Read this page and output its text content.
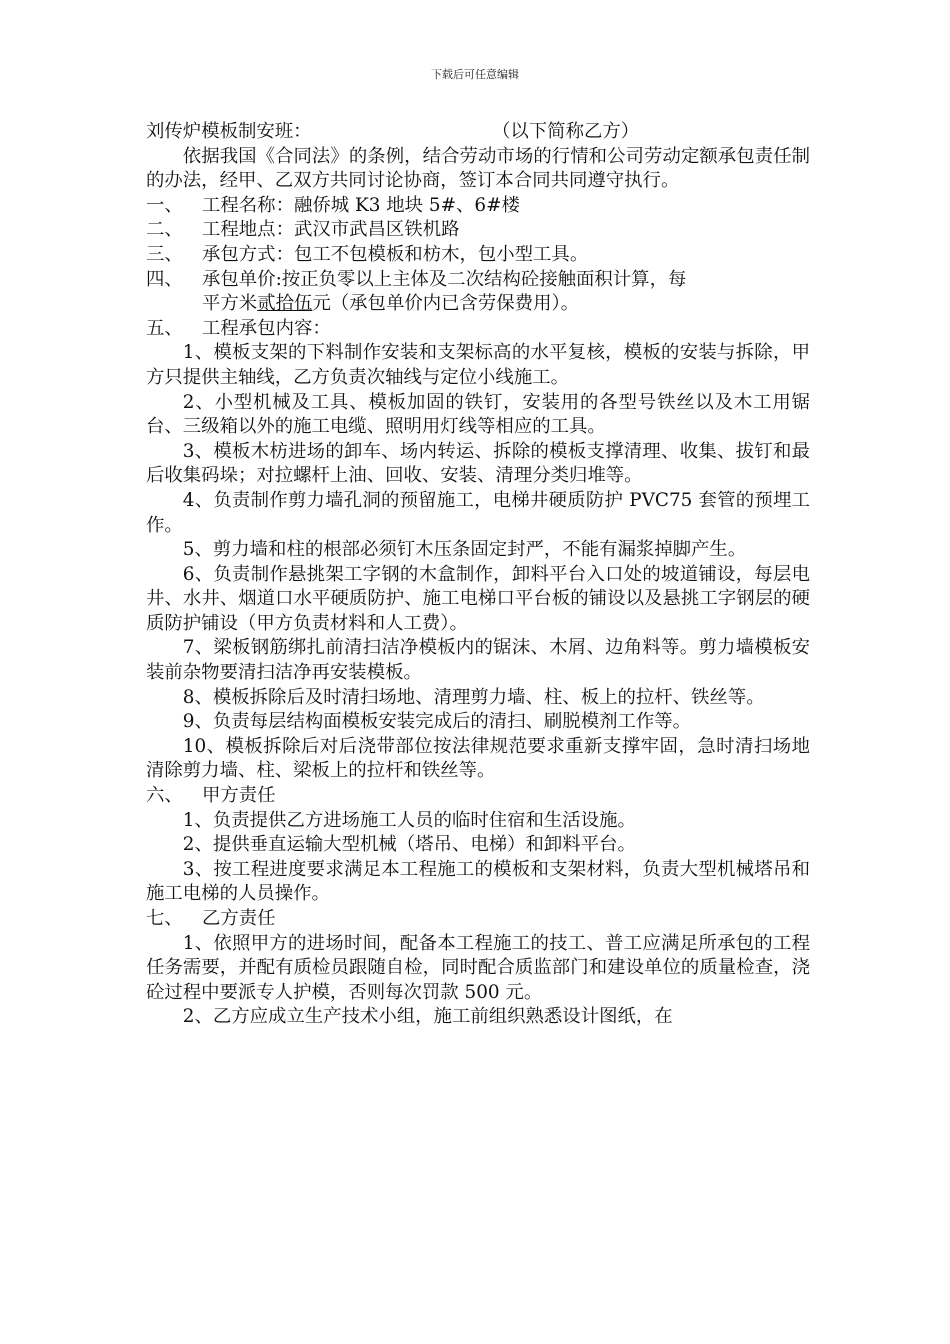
下载后可任意编辑
刘传炉模板制安班：	（以下简称乙方）

依据我国《合同法》的条例，结合劳动市场的行情和公司劳动定额承包责任制的办法，经甲、乙双方共同讨论协商，签订本合同共同遵守执行。

一、	工程名称：融侨城 K3 地块 5#、6#楼
二、	工程地点：武汉市武昌区铁机路
三、	承包方式：包工不包模板和枋木，包小型工具。
四、	承包单价:按正负零以上主体及二次结构砼接触面积计算，每
平方米贰拾伍元（承包单价内已含劳保费用）。
五、	工程承包内容：

1、模板支架的下料制作安装和支架标高的水平复核，模板的安装与拆除，甲方只提供主轴线，乙方负责次轴线与定位小线施工。

2、小型机械及工具、模板加固的铁钉，安装用的各型号铁丝以及木工用锯台、三级箱以外的施工电缆、照明用灯线等相应的工具。

3、模板木枋进场的卸车、场内转运、拆除的模板支撑清理、收集、拔钉和最后收集码垛；对拉螺杆上油、回收、安装、清理分类归堆等。

4、负责制作剪力墙孔洞的预留施工，电梯井硬质防护 PVC75 套管的预埋工作。

5、剪力墙和柱的根部必须钉木压条固定封严，不能有漏浆掉脚产生。

6、负责制作悬挑架工字钢的木盒制作，卸料平台入口处的坡道铺设，每层电井、水井、烟道口水平硬质防护、施工电梯口平台板的铺设以及悬挑工字钢层的硬质防护铺设（甲方负责材料和人工费）。

7、梁板钢筋绑扎前清扫洁净模板内的锯沫、木屑、边角料等。剪力墙模板安装前杂物要清扫洁净再安装模板。

8、模板拆除后及时清扫场地、清理剪力墙、柱、板上的拉杆、铁丝等。

9、负责每层结构面模板安装完成后的清扫、刷脱模剂工作等。

10、模板拆除后对后浇带部位按法律规范要求重新支撑牢固，急时清扫场地清除剪力墙、柱、梁板上的拉杆和铁丝等。

六、	甲方责任

1、负责提供乙方进场施工人员的临时住宿和生活设施。

2、提供垂直运输大型机械（塔吊、电梯）和卸料平台。

3、按工程进度要求满足本工程施工的模板和支架材料，负责大型机械塔吊和施工电梯的人员操作。

七、	乙方责任

1、依照甲方的进场时间，配备本工程施工的技工、普工应满足所承包的工程任务需要，并配有质检员跟随自检，同时配合质监部门和建设单位的质量检查，浇砼过程中要派专人护模，否则每次罚款 500 元。

2、乙方应成立生产技术小组，施工前组织熟悉设计图纸，在
